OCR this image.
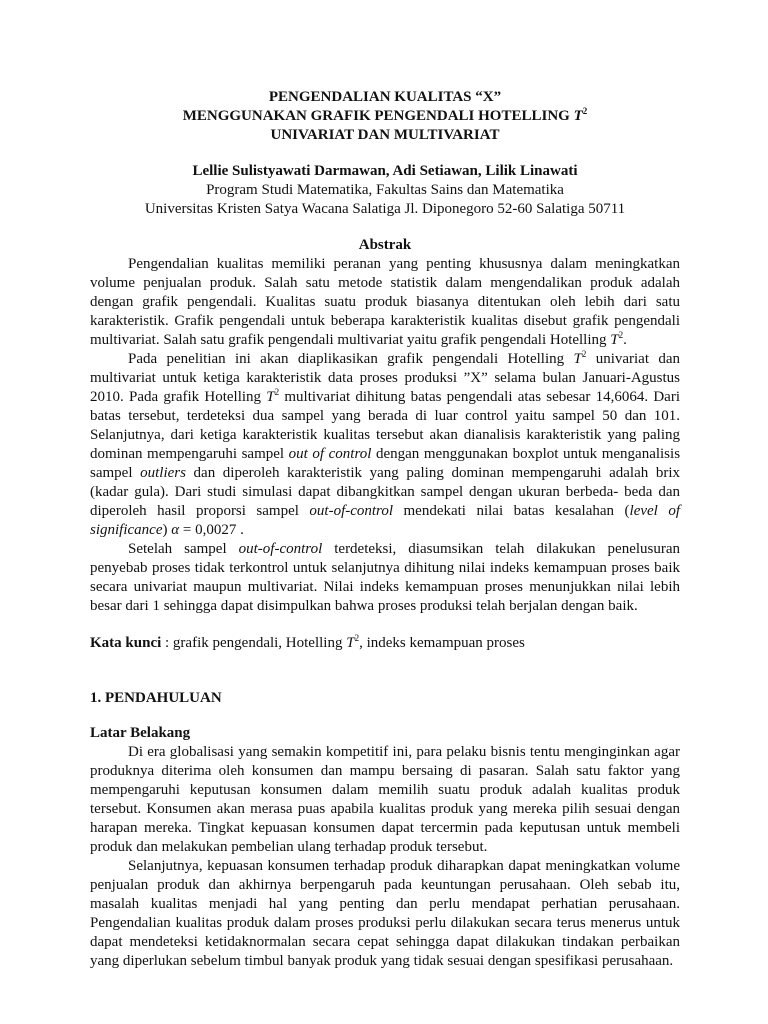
PENGENDALIAN KUALITAS “X”
MENGGUNAKAN GRAFIK PENGENDALI HOTELLING $T^2$
UNIVARIAT DAN MULTIVARIAT
Lellie Sulistyawati Darmawan, Adi Setiawan, Lilik Linawati
Program Studi Matematika, Fakultas Sains dan Matematika
Universitas Kristen Satya Wacana Salatiga Jl. Diponegoro 52-60 Salatiga 50711
Abstrak

Pengendalian kualitas memiliki peranan yang penting khususnya dalam meningkatkan volume penjualan produk. Salah satu metode statistik dalam mengendalikan produk adalah dengan grafik pengendali. Kualitas suatu produk biasanya ditentukan oleh lebih dari satu karakteristik. Grafik pengendali untuk beberapa karakteristik kualitas disebut grafik pengendali multivariat. Salah satu grafik pengendali multivariat yaitu grafik pengendali Hotelling $T^2$.

Pada penelitian ini akan diaplikasikan grafik pengendali Hotelling $T^2$ univariat dan multivariat untuk ketiga karakteristik data proses produksi ”X” selama bulan Januari-Agustus 2010. Pada grafik Hotelling $T^2$ multivariat dihitung batas pengendali atas sebesar 14,6064. Dari batas tersebut, terdeteksi dua sampel yang berada di luar control yaitu sampel 50 dan 101. Selanjutnya, dari ketiga karakteristik kualitas tersebut akan dianalisis karakteristik yang paling dominan mempengaruhi sampel out of control dengan menggunakan boxplot untuk menganalisis sampel outliers dan diperoleh karakteristik yang paling dominan mempengaruhi adalah brix (kadar gula). Dari studi simulasi dapat dibangkitkan sampel dengan ukuran berbeda- beda dan diperoleh hasil proporsi sampel out-of-control mendekati nilai batas kesalahan (level of significance) α = 0,0027 .

Setelah sampel out-of-control terdeteksi, diasumsikan telah dilakukan penelusuran penyebab proses tidak terkontrol untuk selanjutnya dihitung nilai indeks kemampuan proses baik secara univariat maupun multivariat. Nilai indeks kemampuan proses menunjukkan nilai lebih besar dari 1 sehingga dapat disimpulkan bahwa proses produksi telah berjalan dengan baik.

Kata kunci : grafik pengendali, Hotelling $T^2$, indeks kemampuan proses

1. PENDAHULUAN
Latar Belakang

Di era globalisasi yang semakin kompetitif ini, para pelaku bisnis tentu menginginkan agar produknya diterima oleh konsumen dan mampu bersaing di pasaran. Salah satu faktor yang mempengaruhi keputusan konsumen dalam memilih suatu produk adalah kualitas produk tersebut. Konsumen akan merasa puas apabila kualitas produk yang mereka pilih sesuai dengan harapan mereka. Tingkat kepuasan konsumen dapat tercermin pada keputusan untuk membeli produk dan melakukan pembelian ulang terhadap produk tersebut.

Selanjutnya, kepuasan konsumen terhadap produk diharapkan dapat meningkatkan volume penjualan produk dan akhirnya berpengaruh pada keuntungan perusahaan. Oleh sebab itu, masalah kualitas menjadi hal yang penting dan perlu mendapat perhatian perusahaan. Pengendalian kualitas produk dalam proses produksi perlu dilakukan secara terus menerus untuk dapat mendeteksi ketidaknormalan secara cepat sehingga dapat dilakukan tindakan perbaikan yang diperlukan sebelum timbul banyak produk yang tidak sesuai dengan spesifikasi perusahaan.
